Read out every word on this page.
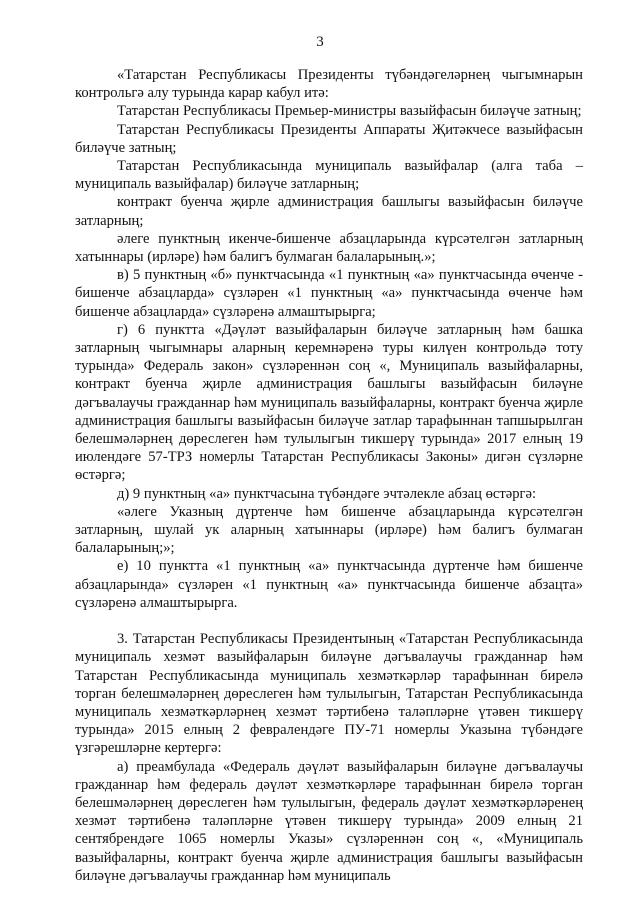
3

«Татарстан Республикасы Президенты түбәндәгеләрнең чыгымнарын контрольгә алу турында карар кабул итә:

Татарстан Республикасы Премьер-министры вазыйфасын биләүче затның;

Татарстан Республикасы Президенты Аппараты Җитәкчесе вазыйфасын биләүче затның;

Татарстан Республикасында муниципаль вазыйфалар (алга таба – муниципаль вазыйфалар) биләүче затларның;

контракт буенча җирле администрация башлыгы вазыйфасын биләүче затларның;

әлеге пунктның икенче-бишенче абзацларында күрсәтелгән затларның хатыннары (ирләре) һәм балигъ булмаган балаларының.»;

в) 5 пунктның «б» пунктчасында «1 пунктның «а» пунктчасында өченче - бишенче абзацларда» сүзләрен «1 пунктның «а» пунктчасында өченче һәм бишенче абзацларда» сүзләренә алмаштырырга;

г) 6 пунктта «Дәүләт вазыйфаларын биләүче затларның һәм башка затларның чыгымнары аларның керемнәренә туры килүен контрольдә тоту турында» Федераль закон» сүзләреннән соң «, Муниципаль вазыйфаларны, контракт буенча җирле администрация башлыгы вазыйфасын биләүне дәгъвалаучы гражданнар һәм муниципаль вазыйфаларны, контракт буенча җирле администрация башлыгы вазыйфасын биләүче затлар тарафыннан тапшырылган белешмәләрнең дөреслеген һәм тулылыгын тикшерү турында» 2017 елның 19 июлендәге 57-ТРЗ номерлы Татарстан Республикасы Законы» дигән сүзләрне өстәргә;

д) 9 пунктның «а» пунктчасына түбәндәге эчтәлекле абзац өстәргә:

«әлеге Указның дүртенче һәм бишенче абзацларында күрсәтелгән затларның, шулай ук аларның хатыннары (ирләре) һәм балигъ булмаган балаларының;»;

е) 10 пунктта «1 пунктның «а» пунктчасында дүртенче һәм бишенче абзацларында» сүзләрен «1 пунктның «а» пунктчасында бишенче абзацта» сүзләренә алмаштырырга.

3. Татарстан Республикасы Президентының «Татарстан Республикасында муниципаль хезмәт вазыйфаларын биләүне дәгъвалаучы гражданнар һәм Татарстан Республикасында муниципаль хезмәткәрләр тарафыннан бирелә торган белешмәләрнең дөреслеген һәм тулылыгын, Татарстан Республикасында муниципаль хезмәткәрләрнең хезмәт тәртибенә таләпләрне үтәвен тикшерү турында» 2015 елның 2 февралендәге ПУ-71 номерлы Указына түбәндәге үзгәрешләрне кертергә:

а) преамбулада «Федераль дәүләт вазыйфаларын биләүне дәгъвалаучы гражданнар һәм федераль дәүләт хезмәткәрләре тарафыннан бирелә торган белешмәләрнең дөреслеген һәм тулылыгын, федераль дәүләт хезмәткәрләренең хезмәт тәртибенә таләпләрне үтәвен тикшерү турында» 2009 елның 21 сентябрендәге 1065 номерлы Указы» сүзләреннән соң «, «Муниципаль вазыйфаларны, контракт буенча җирле администрация башлыгы вазыйфасын биләүне дәгъвалаучы гражданнар һәм муниципаль
